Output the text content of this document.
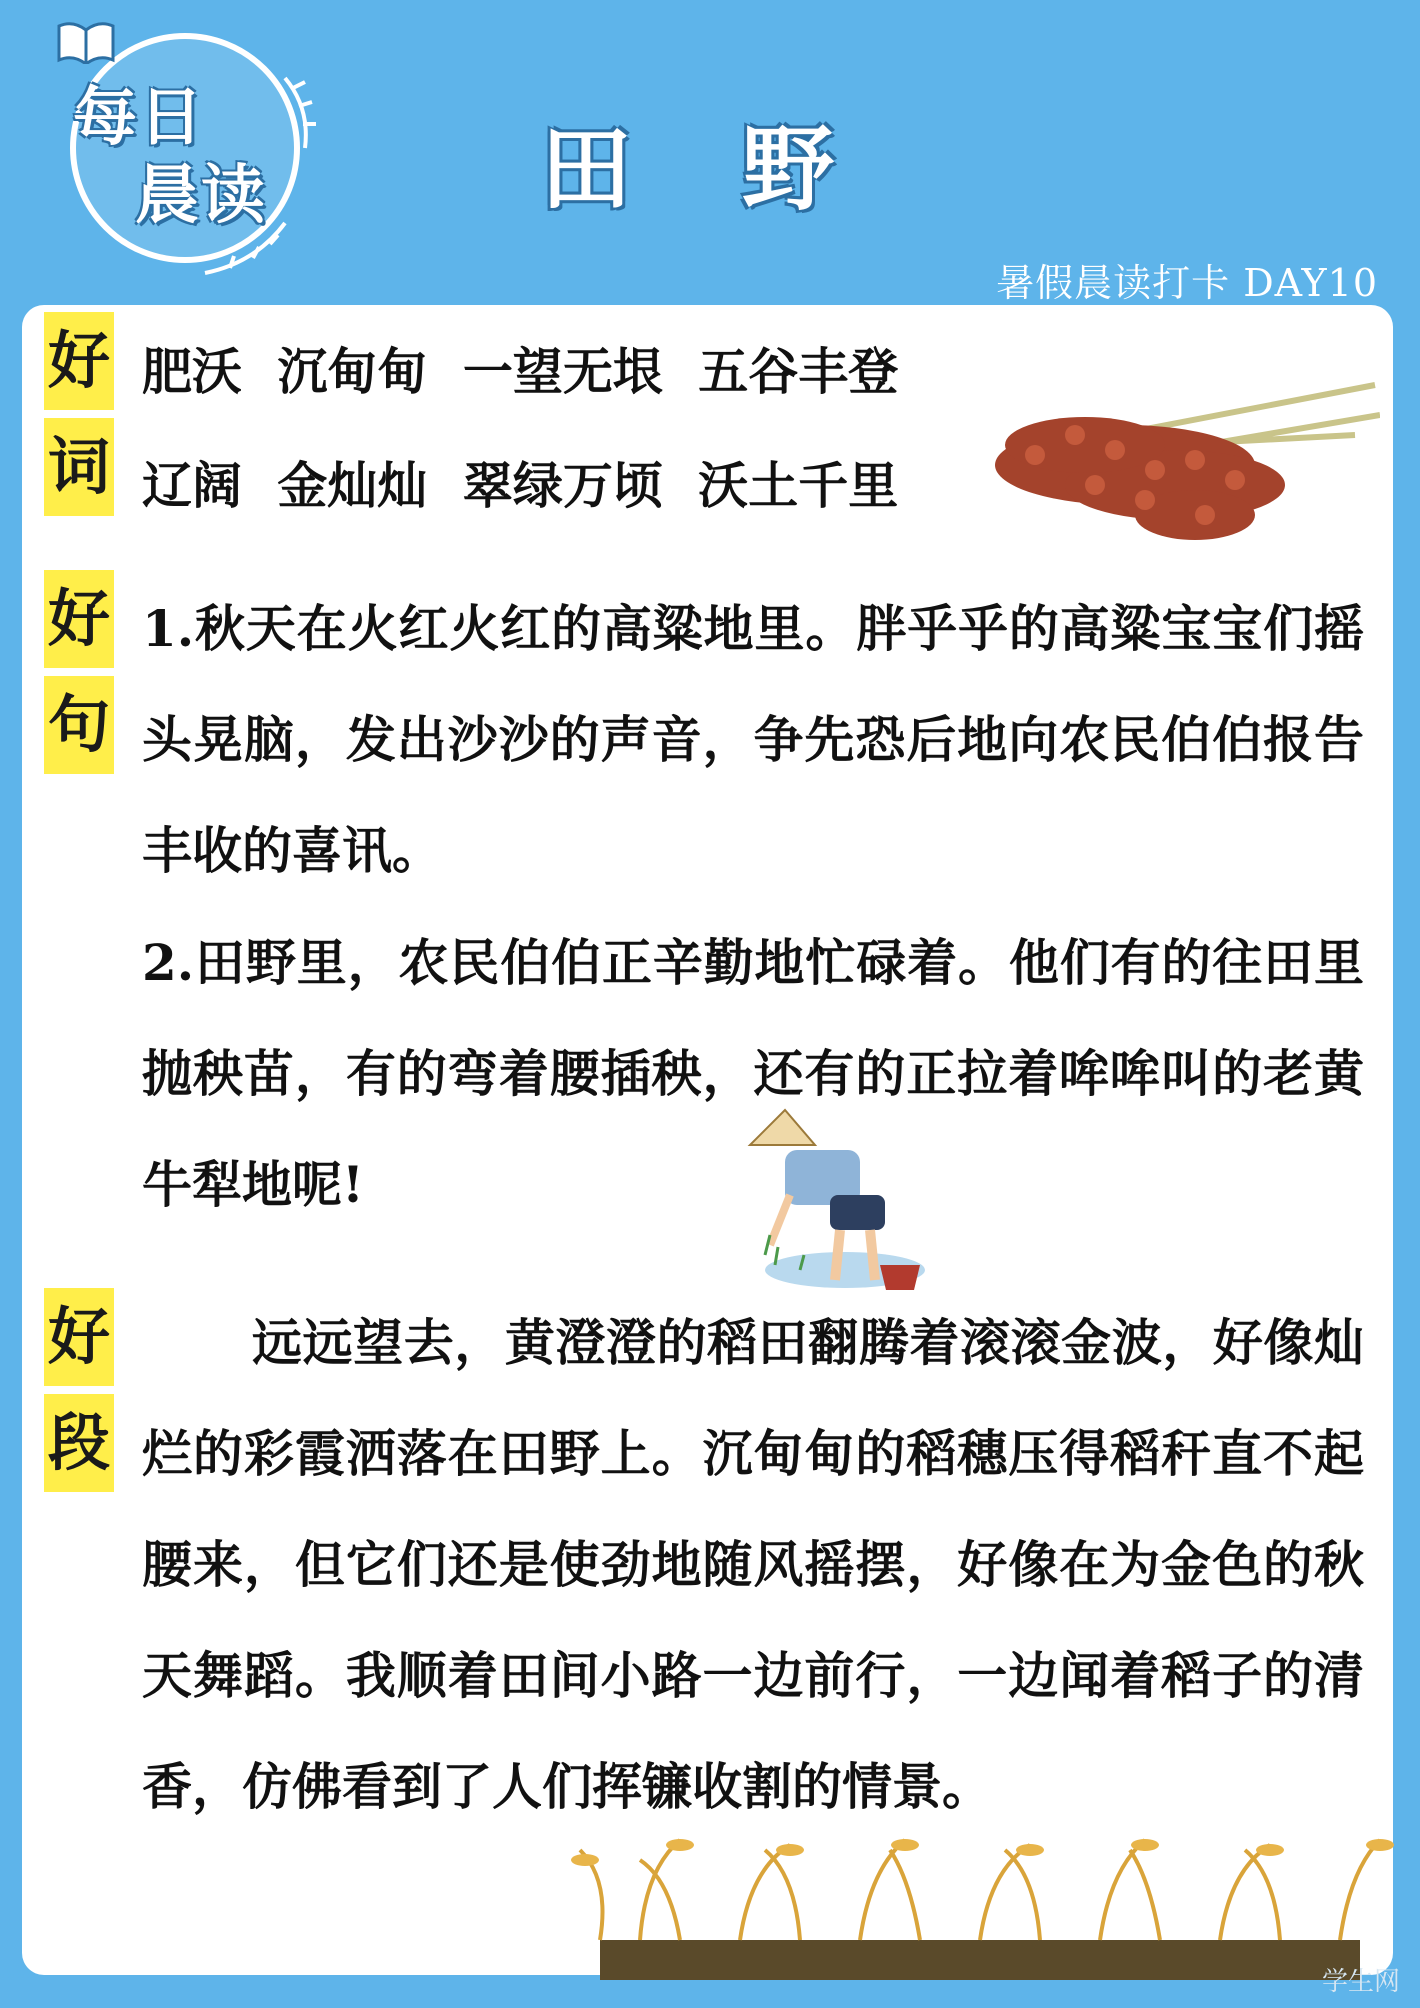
每日
晨读	田野
暑假晨读打卡 DAY10
好
词
肥沃 沉甸甸 一望无垠 五谷丰登
辽阔 金灿灿 翠绿万顷 沃土千里
好
句
1.秋天在火红火红的高粱地里。胖乎乎的高粱宝宝们摇头晃脑，发出沙沙的声音，争先恐后地向农民伯伯报告丰收的喜讯。
2.田野里，农民伯伯正辛勤地忙碌着。他们有的往田里抛秧苗，有的弯着腰插秧，还有的正拉着哞哞叫的老黄牛犁地呢!
好
段
远远望去，黄澄澄的稻田翻腾着滚滚金波，好像灿烂的彩霞洒落在田野上。沉甸甸的稻穗压得稻秆直不起腰来，但它们还是使劲地随风摇摆，好像在为金色的秋天舞蹈。我顺着田间小路一边前行，一边闻着稻子的清香，仿佛看到了人们挥镰收割的情景。
学生网
